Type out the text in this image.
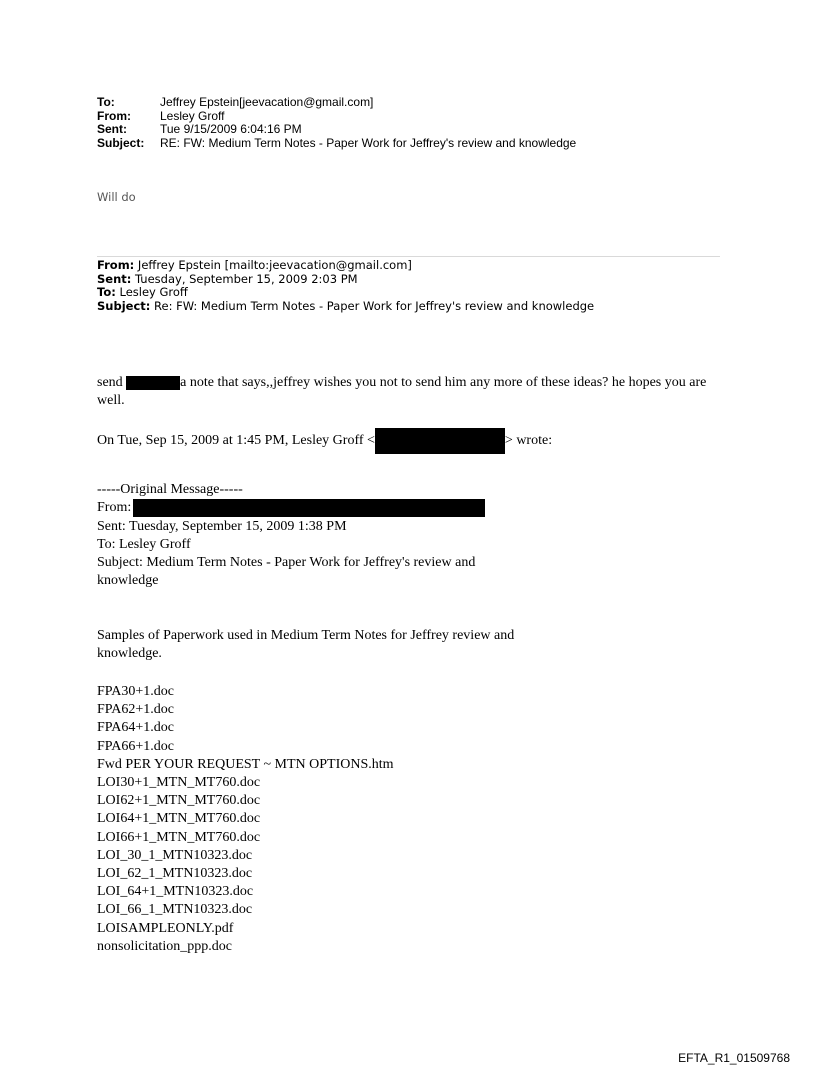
To:	Jeffrey Epstein[jeevacation@gmail.com]
From:	Lesley Groff
Sent:	Tue 9/15/2009 6:04:16 PM
Subject:	RE: FW: Medium Term Notes - Paper Work for Jeffrey's review and knowledge
Will do
From: Jeffrey Epstein [mailto:jeevacation@gmail.com]
Sent: Tuesday, September 15, 2009 2:03 PM
To: Lesley Groff
Subject: Re: FW: Medium Term Notes - Paper Work for Jeffrey's review and knowledge
send	a note that says,,jeffrey wishes you not to send him any more of these ideas? he hopes you are well.
On Tue, Sep 15, 2009 at 1:45 PM, Lesley Groff <	> wrote:
-----Original Message-----
From:
Sent: Tuesday, September 15, 2009 1:38 PM
To: Lesley Groff
Subject: Medium Term Notes - Paper Work for Jeffrey's review and
knowledge
Samples of Paperwork used in Medium Term Notes for Jeffrey review and
knowledge.
FPA30+1.doc
FPA62+1.doc
FPA64+1.doc
FPA66+1.doc
Fwd PER YOUR REQUEST ~ MTN OPTIONS.htm
LOI30+1_MTN_MT760.doc
LOI62+1_MTN_MT760.doc
LOI64+1_MTN_MT760.doc
LOI66+1_MTN_MT760.doc
LOI_30_1_MTN10323.doc
LOI_62_1_MTN10323.doc
LOI_64+1_MTN10323.doc
LOI_66_1_MTN10323.doc
LOISAMPLEONLY.pdf
nonsolicitation_ppp.doc
EFTA_R1_01509768
